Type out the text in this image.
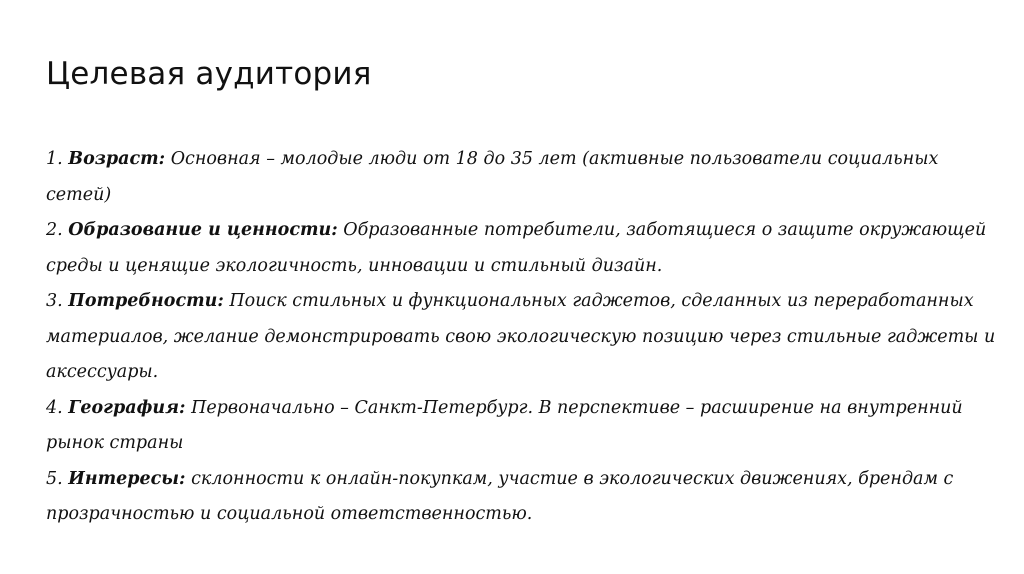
Целевая аудитория

1. Возраст: Основная – молодые люди от 18 до 35 лет (активные пользователи социальных сетей)

2. Образование и ценности: Образованные потребители, заботящиеся о защите окружающей среды и ценящие экологичность, инновации и стильный дизайн.

3. Потребности: Поиск стильных и функциональных гаджетов, сделанных из переработанных материалов, желание демонстрировать свою экологическую позицию через стильные гаджеты и аксессуары.

4. География: Первоначально – Санкт-Петербург. В перспективе – расширение на внутренний рынок страны

5. Интересы: склонности к онлайн-покупкам, участие в экологических движениях, брендам с прозрачностью и социальной ответственностью.
